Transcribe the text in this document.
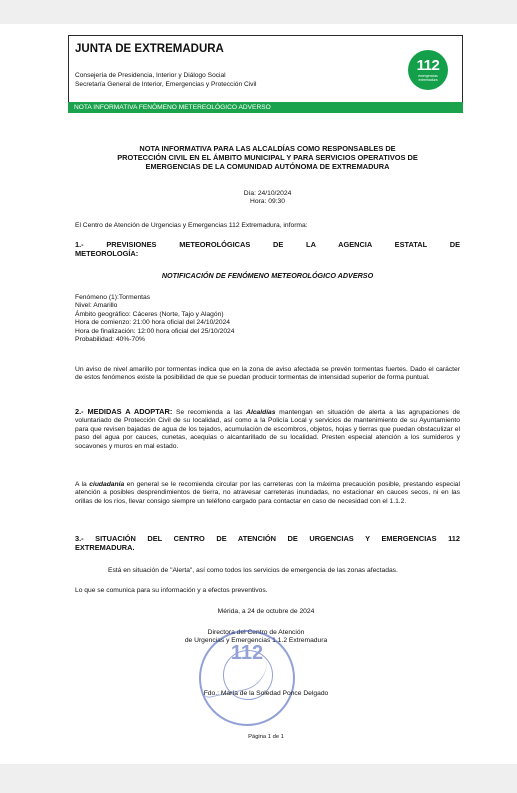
JUNTA DE EXTREMADURA
Consejería de Presidencia, Interior y Diálogo Social
Secretaría General de Interior, Emergencias y Protección Civil
112
emergencias
extremadura
NOTA INFORMATIVA FENÓMENO METEREOLÓGICO ADVERSO
NOTA INFORMATIVA PARA LAS ALCALDÍAS COMO RESPONSABLES DE
PROTECCIÓN CIVIL EN EL ÁMBITO MUNICIPAL Y PARA SERVICIOS OPERATIVOS DE
EMERGENCIAS DE LA COMUNIDAD AUTÓNOMA DE EXTREMADURA
Día: 24/10/2024
Hora: 09:30
El Centro de Atención de Urgencias y Emergencias 112 Extremadura, informa:
1.- PREVISIONES METEOROLÓGICAS DE LA AGENCIA ESTATAL DE
METEOROLOGÍA:
NOTIFICACIÓN DE FENÓMENO METEOROLÓGICO ADVERSO
Fenómeno (1):Tormentas
Nivel: Amarillo
Ámbito geográfico: Cáceres (Norte, Tajo y Alagón)
Hora de comienzo: 21:00 hora oficial del 24/10/2024
Hora de finalización: 12:00 hora oficial del 25/10/2024
Probabilidad: 40%-70%
Un aviso de nivel amarillo por tormentas indica que en la zona de aviso afectada se prevén tormentas fuertes. Dado el carácter de estos fenómenos existe la posibilidad de que se puedan producir tormentas de intensidad superior de forma puntual.
2.- MEDIDAS A ADOPTAR: Se recomienda a las Alcaldías mantengan en situación de alerta a las agrupaciones de voluntariado de Protección Civil de su localidad, así como a la Policía Local y servicios de mantenimiento de su Ayuntamiento para que revisen bajadas de agua de los tejados, acumulación de escombros, objetos, hojas y tierras que puedan obstaculizar el paso del agua por cauces, cunetas, acequias o alcantarillado de su localidad. Presten especial atención a los sumideros y socavones y muros en mal estado.
A la ciudadanía en general se le recomienda circular por las carreteras con la máxima precaución posible, prestando especial atención a posibles desprendimientos de tierra, no atravesar carreteras inundadas, no estacionar en cauces secos, ni en las orillas de los ríos, llevar consigo siempre un teléfono cargado para contactar en caso de necesidad con el 1.1.2.
3.- SITUACIÓN DEL CENTRO DE ATENCIÓN DE URGENCIAS Y EMERGENCIAS 112
EXTREMADURA.
Está en situación de "Alerta", así como todos los servicios de emergencia de las zonas afectadas.
Lo que se comunica para su información y a efectos preventivos.
Mérida, a 24 de octubre de 2024
Directora del Centro de Atención
de Urgencias y Emergencias 1.1.2 Extremadura
112
Fdo.: María de la Soledad Ponce Delgado
Página 1 de 1
